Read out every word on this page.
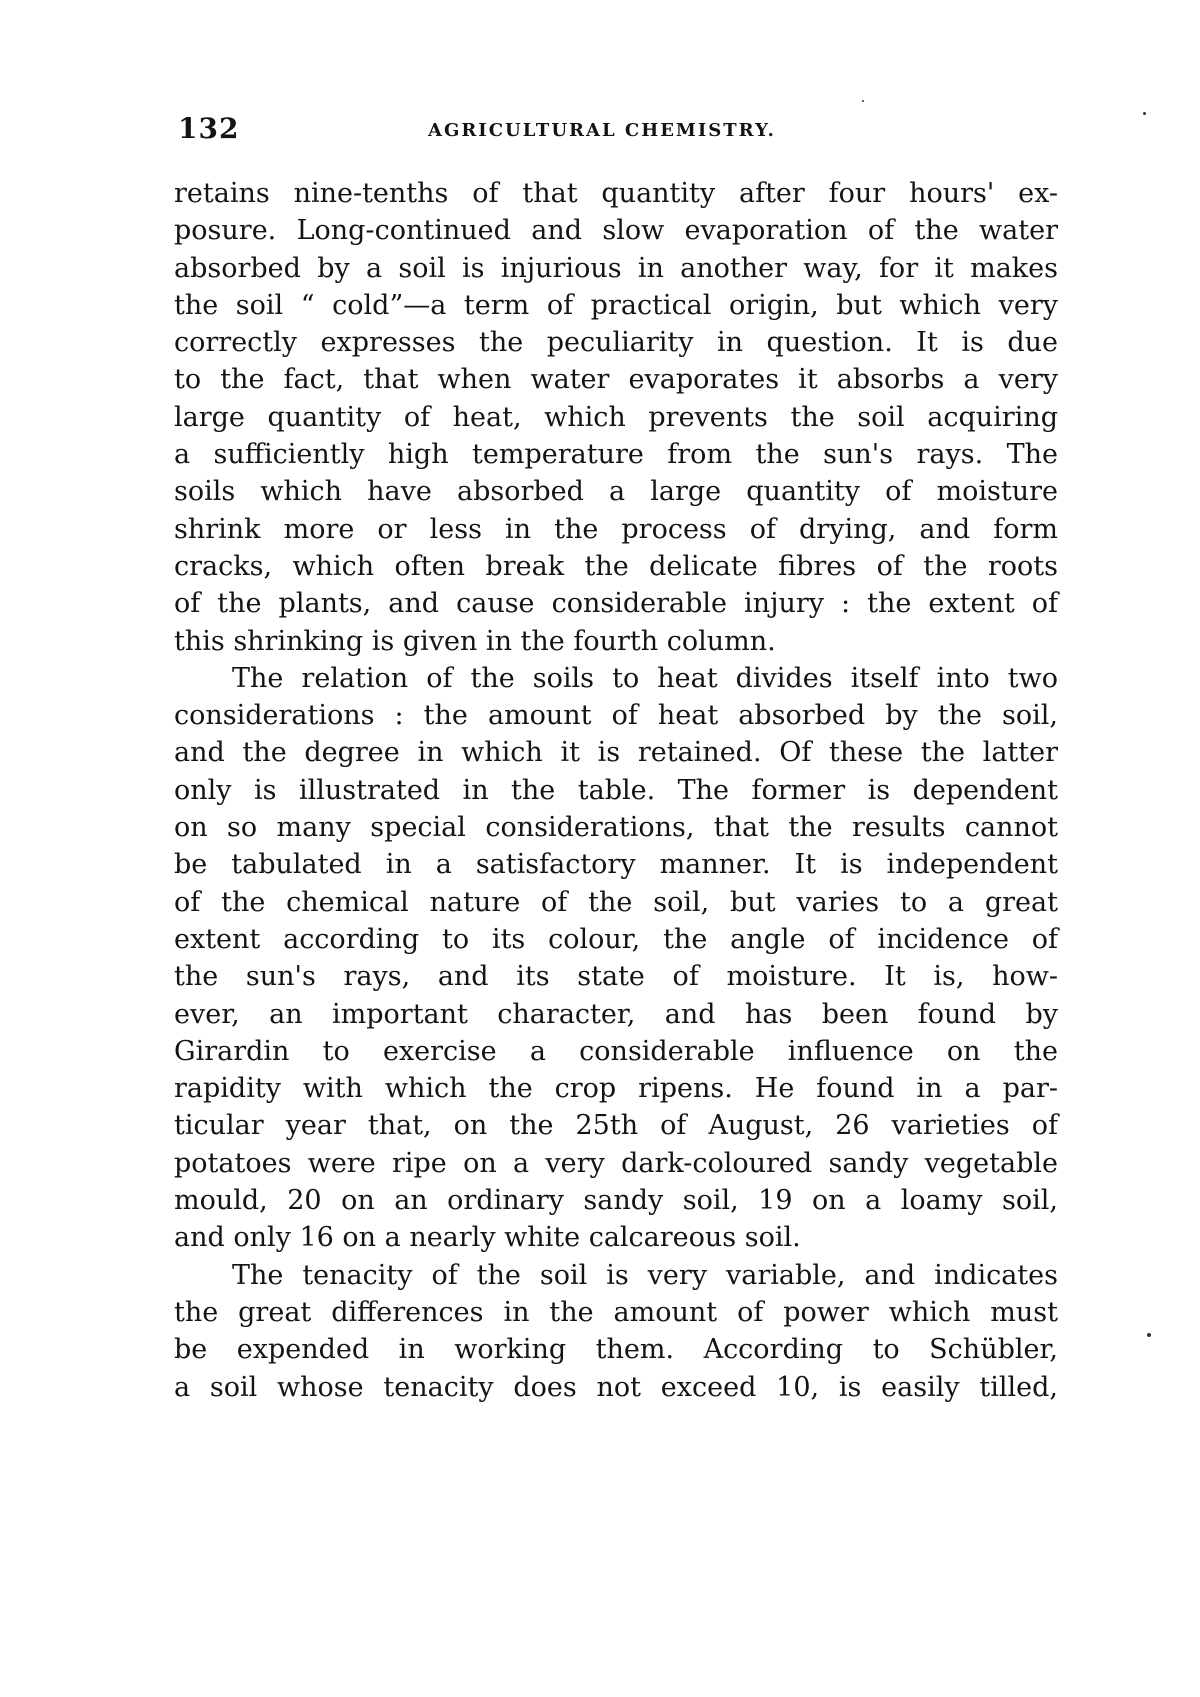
132	AGRICULTURAL CHEMISTRY.
retains nine-tenths of that quantity after four hours' ex-
posure. Long-continued and slow evaporation of the water
absorbed by a soil is injurious in another way, for it makes
the soil “ cold”—a term of practical origin, but which very
correctly expresses the peculiarity in question. It is due
to the fact, that when water evaporates it absorbs a very
large quantity of heat, which prevents the soil acquiring
a sufficiently high temperature from the sun's rays. The
soils which have absorbed a large quantity of moisture
shrink more or less in the process of drying, and form
cracks, which often break the delicate fibres of the roots
of the plants, and cause considerable injury : the extent of
this shrinking is given in the fourth column.
The relation of the soils to heat divides itself into two
considerations : the amount of heat absorbed by the soil,
and the degree in which it is retained. Of these the latter
only is illustrated in the table. The former is dependent
on so many special considerations, that the results cannot
be tabulated in a satisfactory manner. It is independent
of the chemical nature of the soil, but varies to a great
extent according to its colour, the angle of incidence of
the sun's rays, and its state of moisture. It is, how-
ever, an important character, and has been found by
Girardin to exercise a considerable influence on the
rapidity with which the crop ripens. He found in a par-
ticular year that, on the 25th of August, 26 varieties of
potatoes were ripe on a very dark-coloured sandy vegetable
mould, 20 on an ordinary sandy soil, 19 on a loamy soil,
and only 16 on a nearly white calcareous soil.
The tenacity of the soil is very variable, and indicates
the great differences in the amount of power which must
be expended in working them. According to Schübler,
a soil whose tenacity does not exceed 10, is easily tilled,
